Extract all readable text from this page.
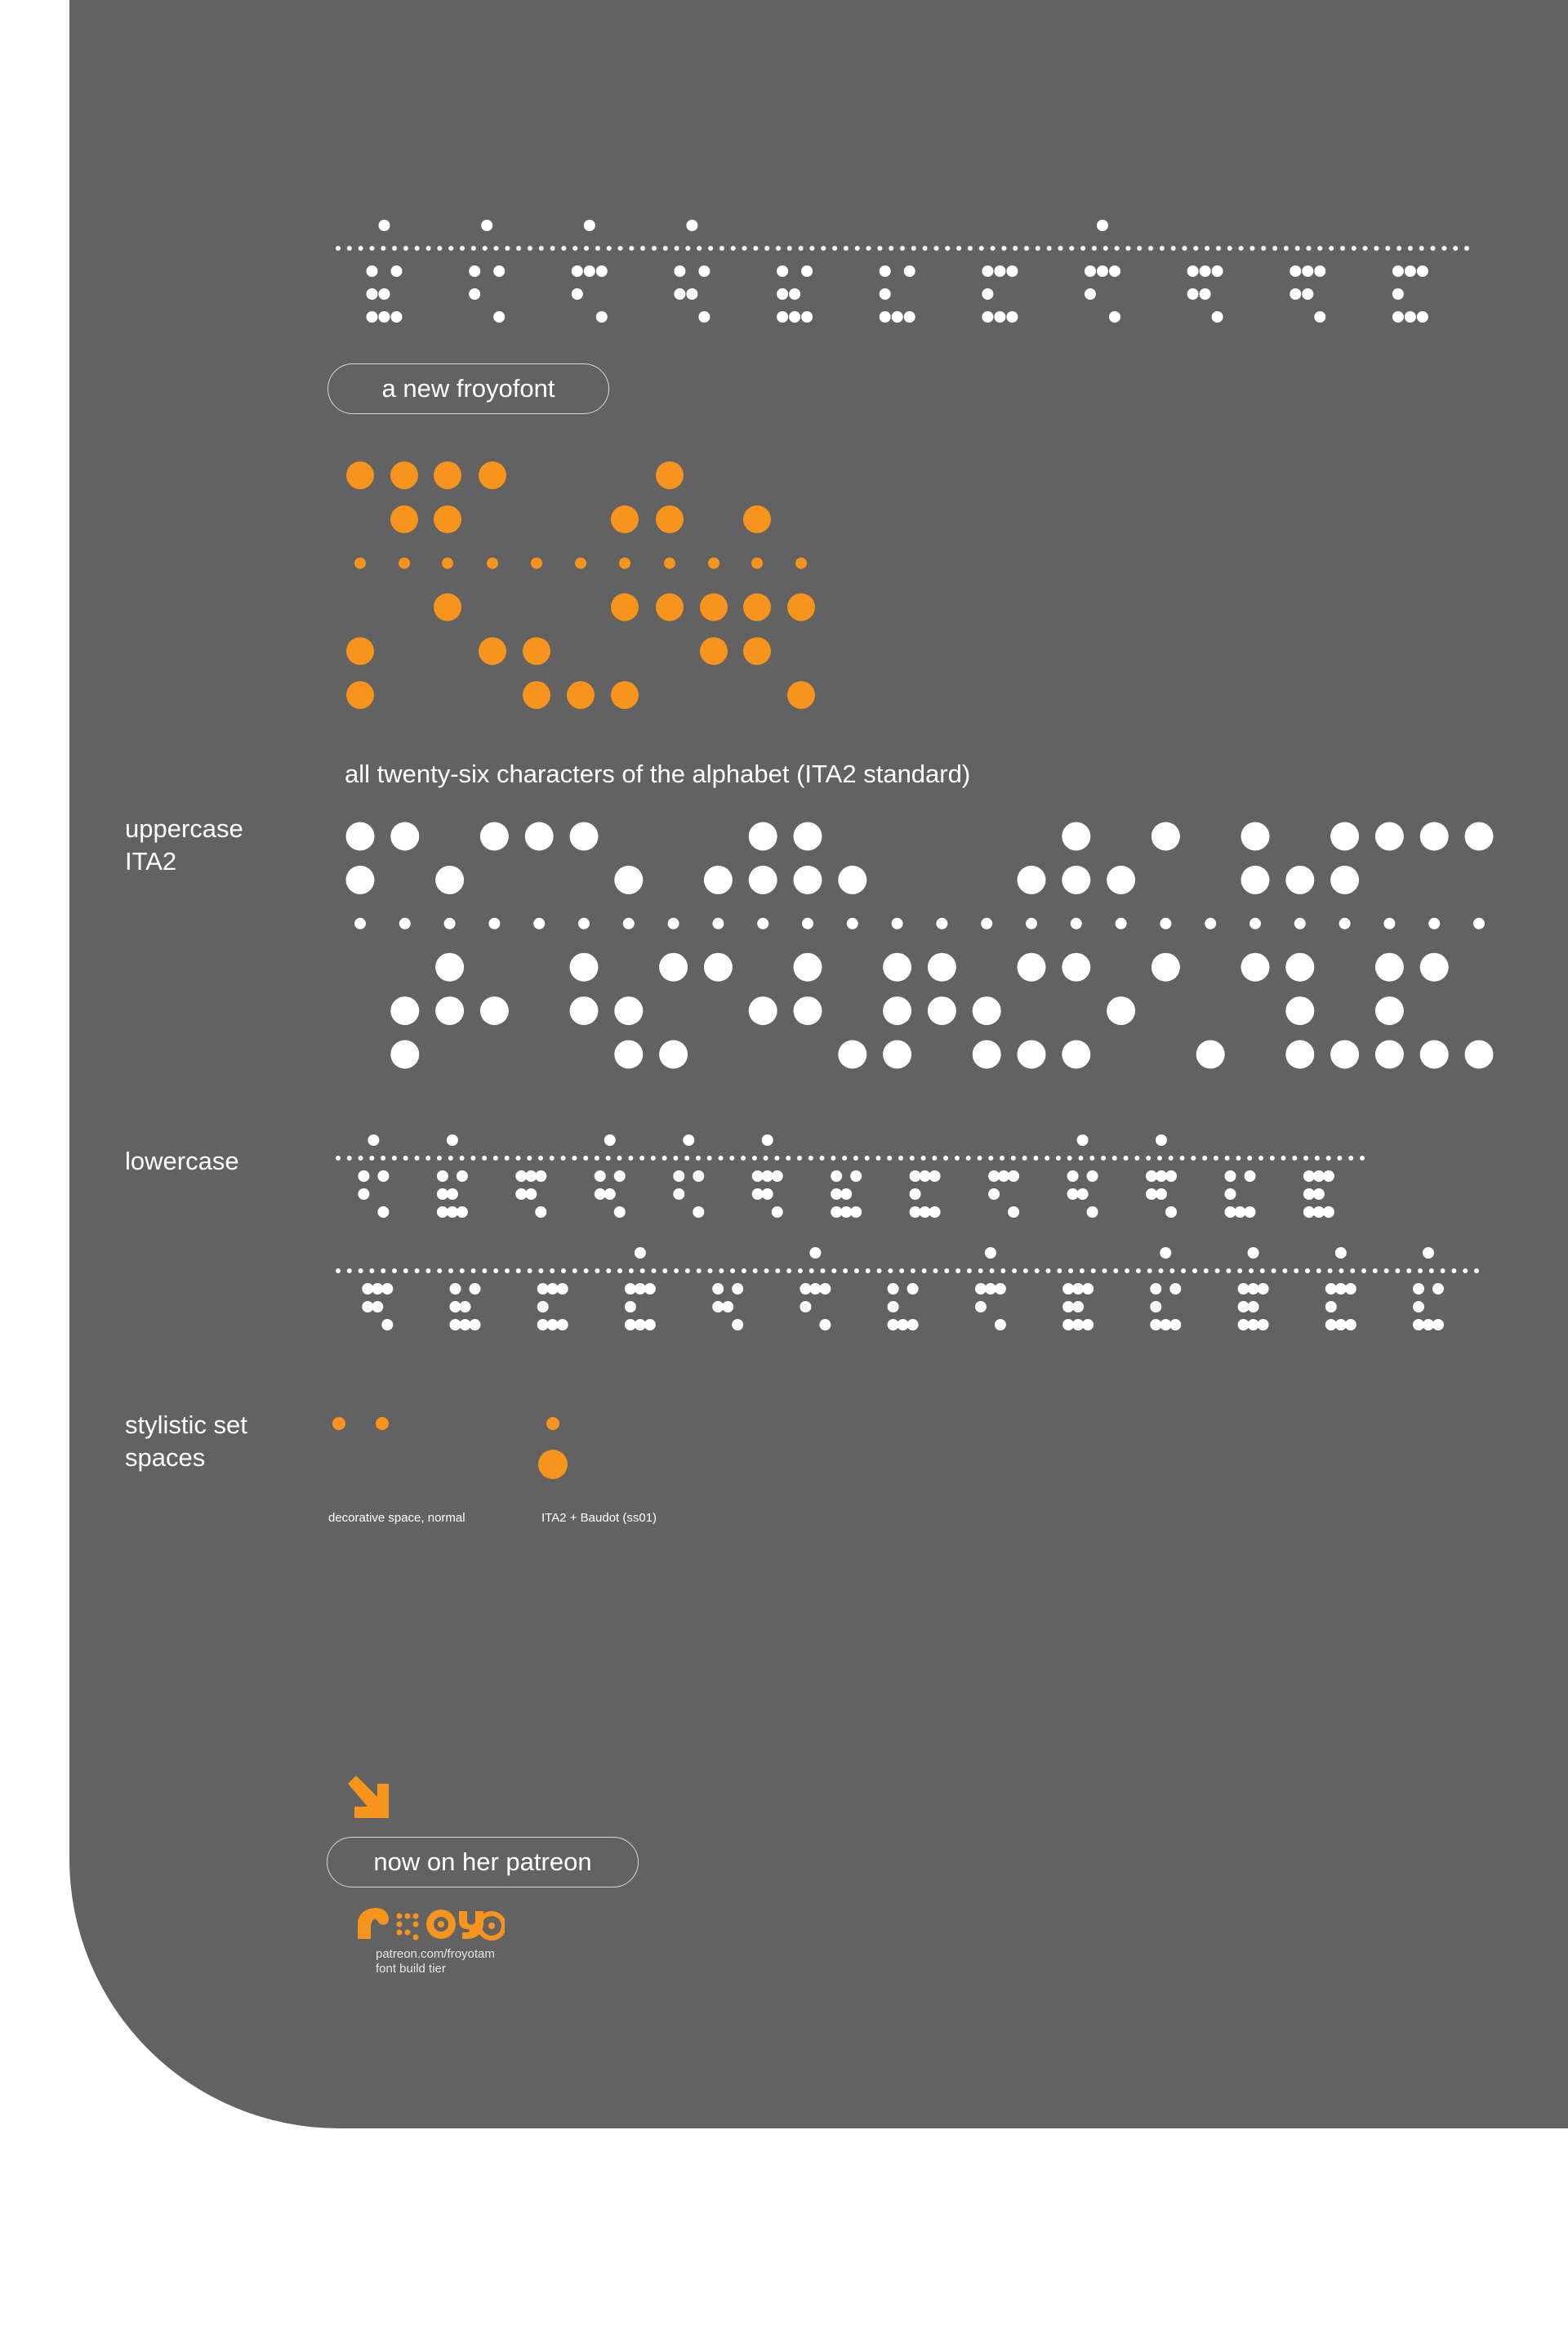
a new froyofont
all twenty-six characters of the alphabet (ITA2 standard)
uppercase
ITA2
lowercase
stylistic set
spaces
decorative space, normal	ITA2 + Baudot (ss01)
now on her patreon
patreon.com/froyotam
font build tier
